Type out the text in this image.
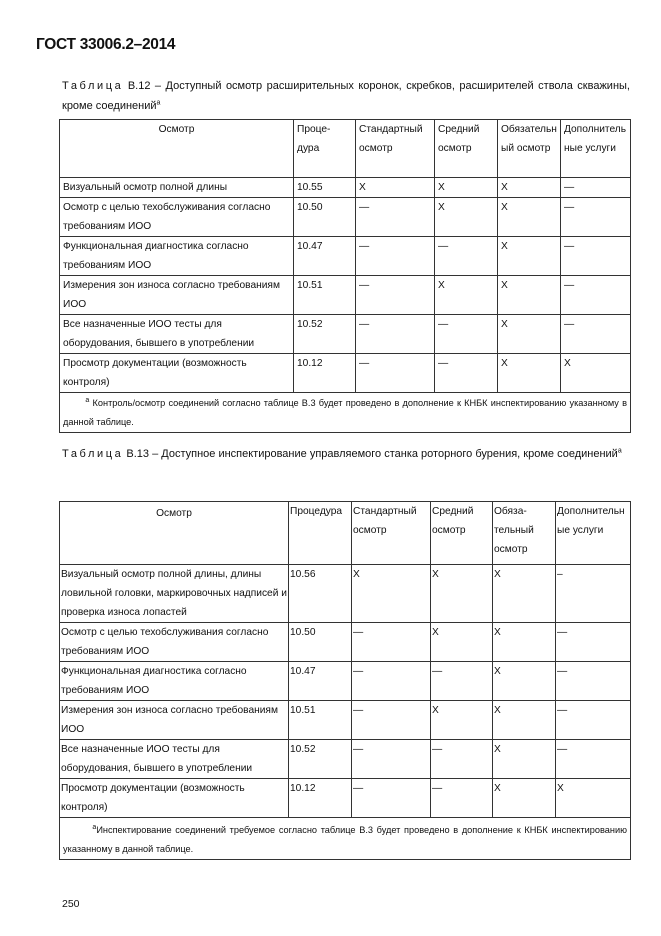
ГОСТ 33006.2–2014
Таблица В.12 – Доступный осмотр расширительных коронок, скребков, расширителей ствола скважины, кроме соединений$^a$
Осмотр	Проце-дура	Стандартный осмотр	Средний осмотр	Обязательный осмотр	Дополнительные услуги
Визуальный осмотр полной длины	10.55	X	X	X	—
Осмотр с целью техобслуживания согласно требованиям ИОО	10.50	—	X	X	—
Функциональная диагностика согласно требованиям ИОО	10.47	—	—	X	—
Измерения зон износа согласно требованиям ИОО	10.51	—	X	X	—
Все назначенные ИОО тесты для оборудования, бывшего в употреблении	10.52	—	—	X	—
Просмотр документации (возможность контроля)	10.12	—	—	X	X
$^a$ Контроль/осмотр соединений согласно таблице В.3 будет проведено в дополнение к КНБК инспектированию указанному в данной таблице.					
Таблица В.13 – Доступное инспектирование управляемого станка роторного бурения, кроме соединений$^a$
Осмотр	Процедура	Стандартный осмотр	Средний осмотр	Обяза-тельный осмотр	Дополнительные услуги
Визуальный осмотр полной длины, длины ловильной головки, маркировочных надписей и проверка износа лопастей	10.56	X	X	X	–
Осмотр с целью техобслуживания согласно требованиям ИОО	10.50	—	X	X	—
Функциональная диагностика согласно требованиям ИОО	10.47	—	—	X	—
Измерения зон износа согласно требованиям ИОО	10.51	—	X	X	—
Все назначенные ИОО тесты для оборудования, бывшего в употреблении	10.52	—	—	X	—
Просмотр документации (возможность контроля)	10.12	—	—	X	X
$^a$Инспектирование соединений требуемое согласно таблице В.3 будет проведено в дополнение к КНБК инспектированию указанному в данной таблице.					
250
